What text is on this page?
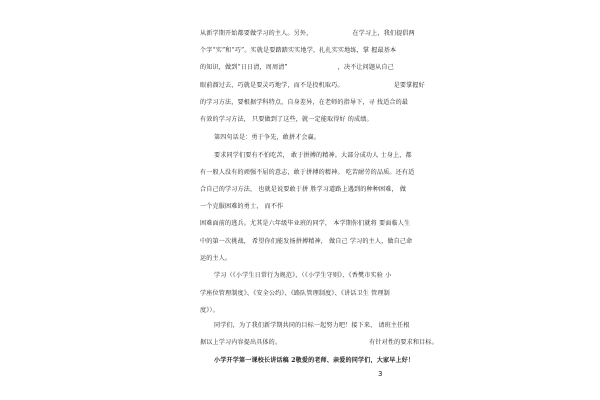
从新学期开始都要做学习的主人。另外，	在学习上，我们提倡两
个字“实”和“巧”。实就是要踏踏实实地学，扎扎实实地练，掌 握最基本
的知识，做到“日日清，周周清”	，决不让问题从自己
眼前溜过去，巧就是要灵巧地学，而不是投机取巧。	是要掌握好
的学习方法，要根据学科特点，自身差异，在老师的指导下，寻 找适合的最
有效的学习方法， 只要做到了这些，就一定能取得好 的成绩。
第四句话是：勇于争先，敢拼才会赢。
要求同学们要有不怕吃苦， 敢于拼搏的精神。大部分成功人 士身上，都
有一般人没有的顽强不屈的意志，敢于拼搏的精神。 吃苦耐劳的品质。还有适
合自己的学习方法， 也就是说要敢于拼 胜学习道路上遇到的种种困难， 做
一个克服困难的勇士， 而不作
困难面前的逃兵。尤其是六年级毕业班的同学， 本学期你们就将 要面临人生
中的第一次挑战， 希望你们能发扬拼搏精神， 做自己 学习的主人，做自己命
运的主人。
学习（《小学生日常行为规范》、（《小学生守则》、《香樊市实验 小
学座位管理制度》、《安全公约》、《路队管理制度》、《讲话卫生 管理制
度》）。
同学们，为了我们新学期共同的目标一起努力吧！接下来， 请班主任根
据以上学习内容提出具体的。	有针对性的要求和目标。
小学开学第一课校长讲话稿 2敬爱的老师、亲爱的同学们，大家早上好！
3
